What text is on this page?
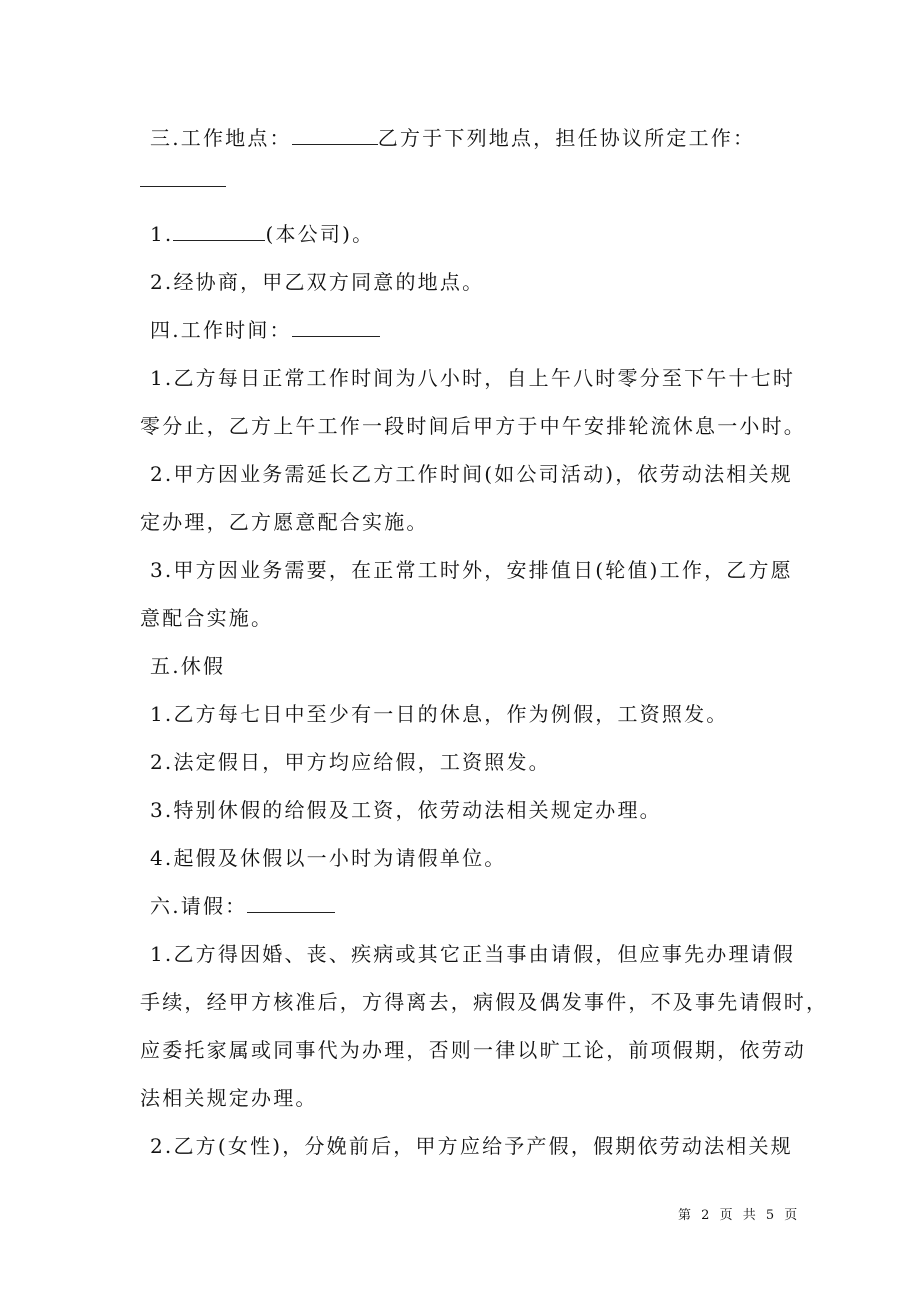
三.工作地点：	乙方于下列地点，担任协议所定工作：
1.	(本公司)。
2.经协商，甲乙双方同意的地点。
四.工作时间：
1.乙方每日正常工作时间为八小时，自上午八时零分至下午十七时
零分止，乙方上午工作一段时间后甲方于中午安排轮流休息一小时。
2.甲方因业务需延长乙方工作时间(如公司活动)，依劳动法相关规
定办理，乙方愿意配合实施。
3.甲方因业务需要，在正常工时外，安排值日(轮值)工作，乙方愿
意配合实施。
五.休假
1.乙方每七日中至少有一日的休息，作为例假，工资照发。
2.法定假日，甲方均应给假，工资照发。
3.特别休假的给假及工资，依劳动法相关规定办理。
4.起假及休假以一小时为请假单位。
六.请假：
1.乙方得因婚、丧、疾病或其它正当事由请假，但应事先办理请假
手续，经甲方核准后，方得离去，病假及偶发事件，不及事先请假时，
应委托家属或同事代为办理，否则一律以旷工论，前项假期，依劳动
法相关规定办理。
2.乙方(女性)，分娩前后，甲方应给予产假，假期依劳动法相关规
第 2 页 共 5 页
